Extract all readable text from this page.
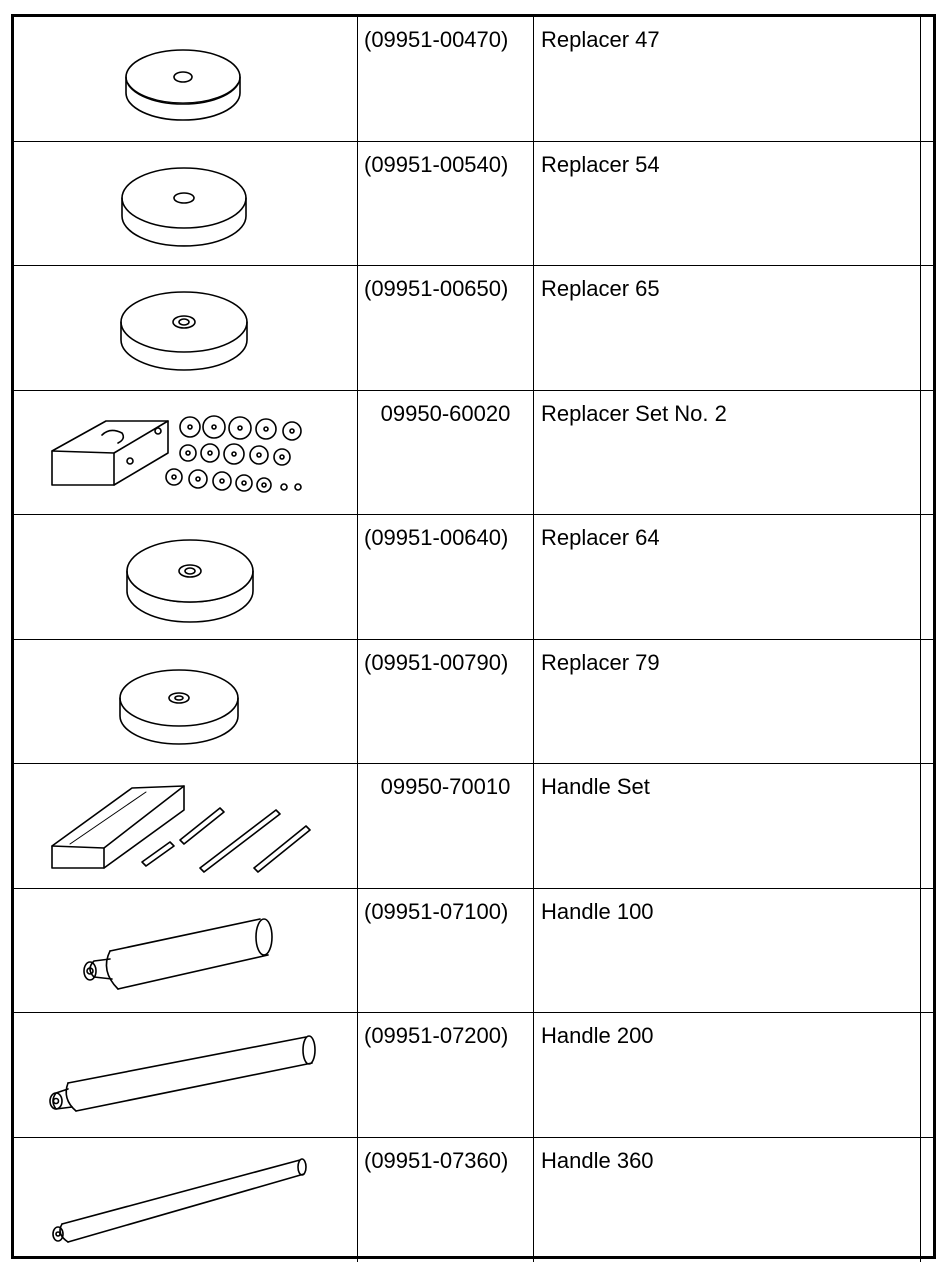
(09951-00470) Replacer 47
(09951-00540) Replacer 54
(09951-00650) Replacer 65
09950-60020	Replacer Set No. 2
(09951-00640) Replacer 64
(09951-00790) Replacer 79
09950-70010	Handle Set
(09951-07100) Handle 100
(09951-07200) Handle 200
(09951-07360) Handle 360
